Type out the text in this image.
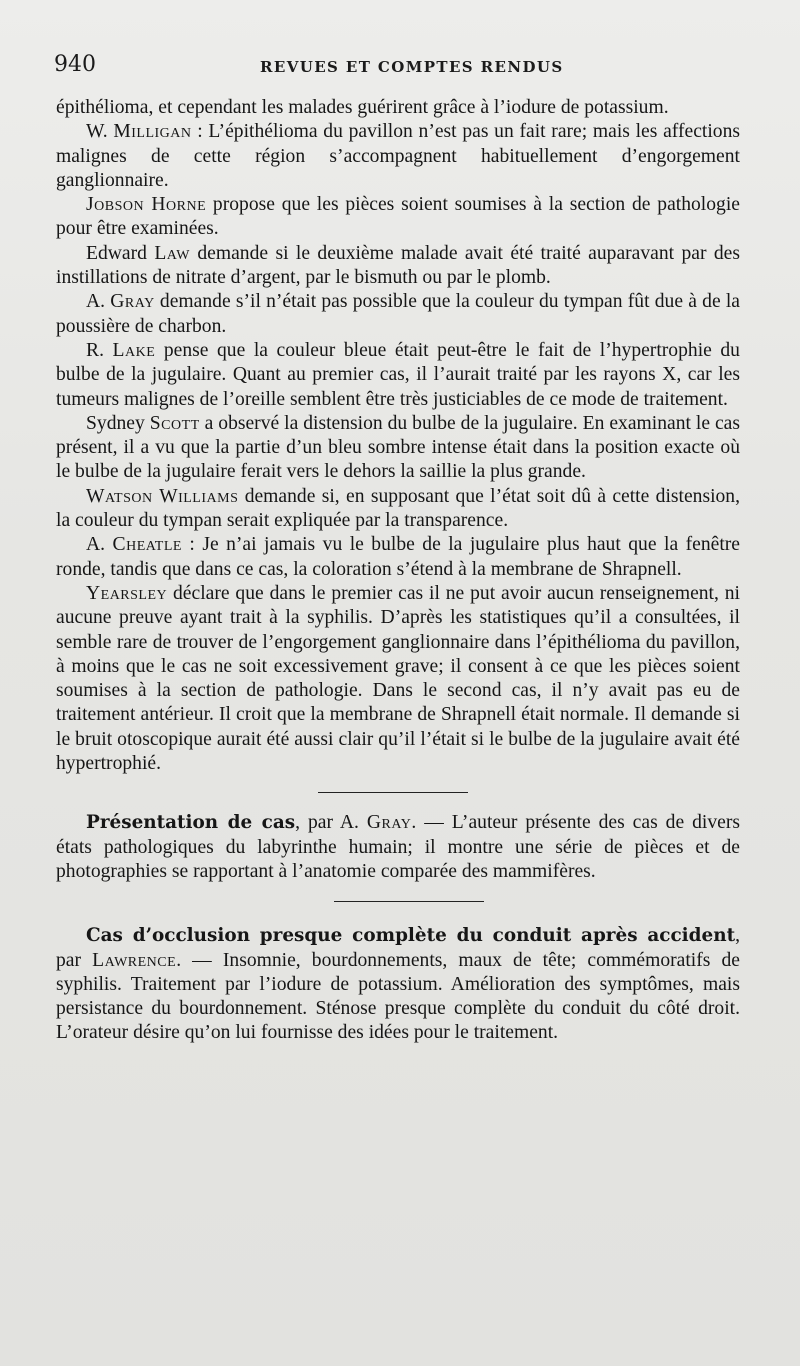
940	REVUES ET COMPTES RENDUS

épithélioma, et cependant les malades guérirent grâce à l’iodure de potassium.

W. Milligan : L’épithélioma du pavillon n’est pas un fait rare; mais les affections malignes de cette région s’accompagnent habituellement d’engorgement ganglionnaire.

Jobson Horne propose que les pièces soient soumises à la section de pathologie pour être examinées.

Edward Law demande si le deuxième malade avait été traité auparavant par des instillations de nitrate d’argent, par le bismuth ou par le plomb.

A. Gray demande s’il n’était pas possible que la couleur du tympan fût due à de la poussière de charbon.

R. Lake pense que la couleur bleue était peut-être le fait de l’hypertrophie du bulbe de la jugulaire. Quant au premier cas, il l’aurait traité par les rayons X, car les tumeurs malignes de l’oreille semblent être très justiciables de ce mode de traitement.

Sydney Scott a observé la distension du bulbe de la jugulaire. En examinant le cas présent, il a vu que la partie d’un bleu sombre intense était dans la position exacte où le bulbe de la jugulaire ferait vers le dehors la saillie la plus grande.

Watson Williams demande si, en supposant que l’état soit dû à cette distension, la couleur du tympan serait expliquée par la transparence.

A. Cheatle : Je n’ai jamais vu le bulbe de la jugulaire plus haut que la fenêtre ronde, tandis que dans ce cas, la coloration s’étend à la membrane de Shrapnell.

Yearsley déclare que dans le premier cas il ne put avoir aucun renseignement, ni aucune preuve ayant trait à la syphilis. D’après les statistiques qu’il a consultées, il semble rare de trouver de l’engorgement ganglionnaire dans l’épithélioma du pavillon, à moins que le cas ne soit excessivement grave; il consent à ce que les pièces soient soumises à la section de pathologie. Dans le second cas, il n’y avait pas eu de traitement antérieur. Il croit que la membrane de Shrapnell était normale. Il demande si le bruit otoscopique aurait été aussi clair qu’il l’était si le bulbe de la jugulaire avait été hypertrophié.

Présentation de cas, par A. Gray. — L’auteur présente des cas de divers états pathologiques du labyrinthe humain; il montre une série de pièces et de photographies se rapportant à l’anatomie comparée des mammifères.

Cas d’occlusion presque complète du conduit après accident, par Lawrence. — Insomnie, bourdonnements, maux de tête; commémoratifs de syphilis. Traitement par l’iodure de potassium. Amélioration des symptômes, mais persistance du bourdonnement. Sténose presque complète du conduit du côté droit. L’orateur désire qu’on lui fournisse des idées pour le traitement.
